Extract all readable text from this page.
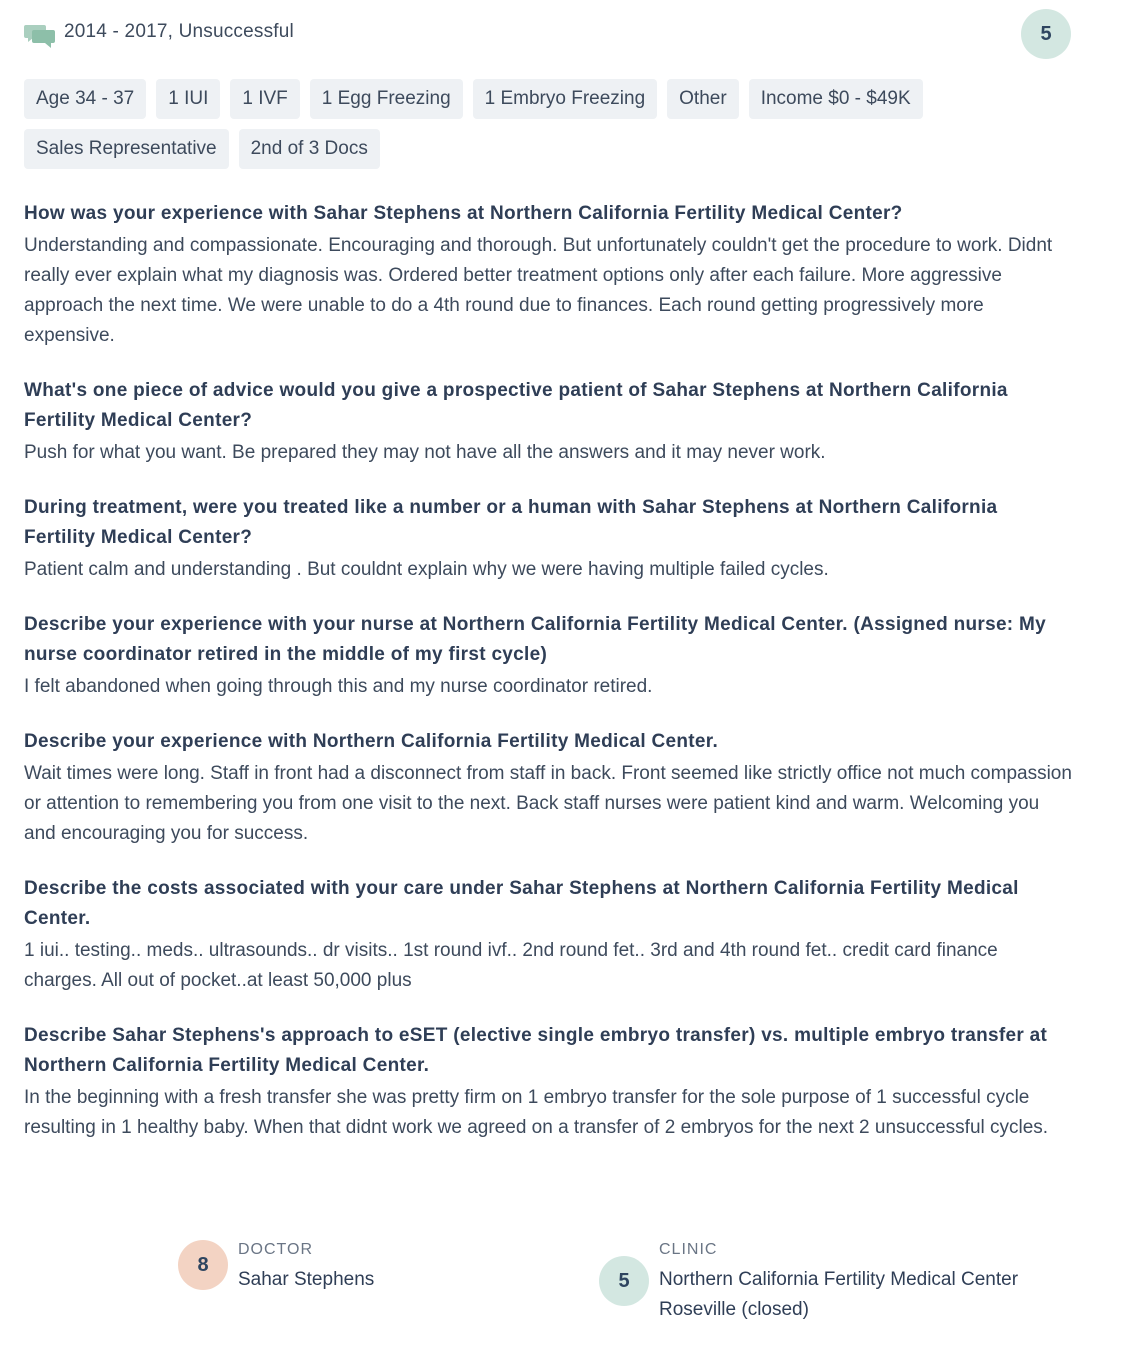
2014 - 2017, Unsuccessful	5
Age 34 - 37	1 IUI	1 IVF	1 Egg Freezing	1 Embryo Freezing	Other	Income $0 - $49K
Sales Representative	2nd of 3 Docs

How was your experience with Sahar Stephens at Northern California Fertility Medical Center?

Understanding and compassionate. Encouraging and thorough. But unfortunately couldn't get the procedure to work. Didnt really ever explain what my diagnosis was. Ordered better treatment options only after each failure. More aggressive approach the next time. We were unable to do a 4th round due to finances. Each round getting progressively more expensive.

What's one piece of advice would you give a prospective patient of Sahar Stephens at Northern California Fertility Medical Center?

Push for what you want. Be prepared they may not have all the answers and it may never work.

During treatment, were you treated like a number or a human with Sahar Stephens at Northern California Fertility Medical Center?

Patient calm and understanding . But couldnt explain why we were having multiple failed cycles.

Describe your experience with your nurse at Northern California Fertility Medical Center. (Assigned nurse: My nurse coordinator retired in the middle of my first cycle)

I felt abandoned when going through this and my nurse coordinator retired.

Describe your experience with Northern California Fertility Medical Center.

Wait times were long. Staff in front had a disconnect from staff in back. Front seemed like strictly office not much compassion or attention to remembering you from one visit to the next. Back staff nurses were patient kind and warm. Welcoming you and encouraging you for success.

Describe the costs associated with your care under Sahar Stephens at Northern California Fertility Medical Center.

1 iui.. testing.. meds.. ultrasounds.. dr visits.. 1st round ivf.. 2nd round fet.. 3rd and 4th round fet.. credit card finance charges. All out of pocket..at least 50,000 plus

Describe Sahar Stephens's approach to eSET (elective single embryo transfer) vs. multiple embryo transfer at Northern California Fertility Medical Center.

In the beginning with a fresh transfer she was pretty firm on 1 embryo transfer for the sole purpose of 1 successful cycle resulting in 1 healthy baby. When that didnt work we agreed on a transfer of 2 embryos for the next 2 unsuccessful cycles.

8
DOCTOR
Sahar Stephens	5
CLINIC
Northern California Fertility Medical Center
Roseville (closed)
